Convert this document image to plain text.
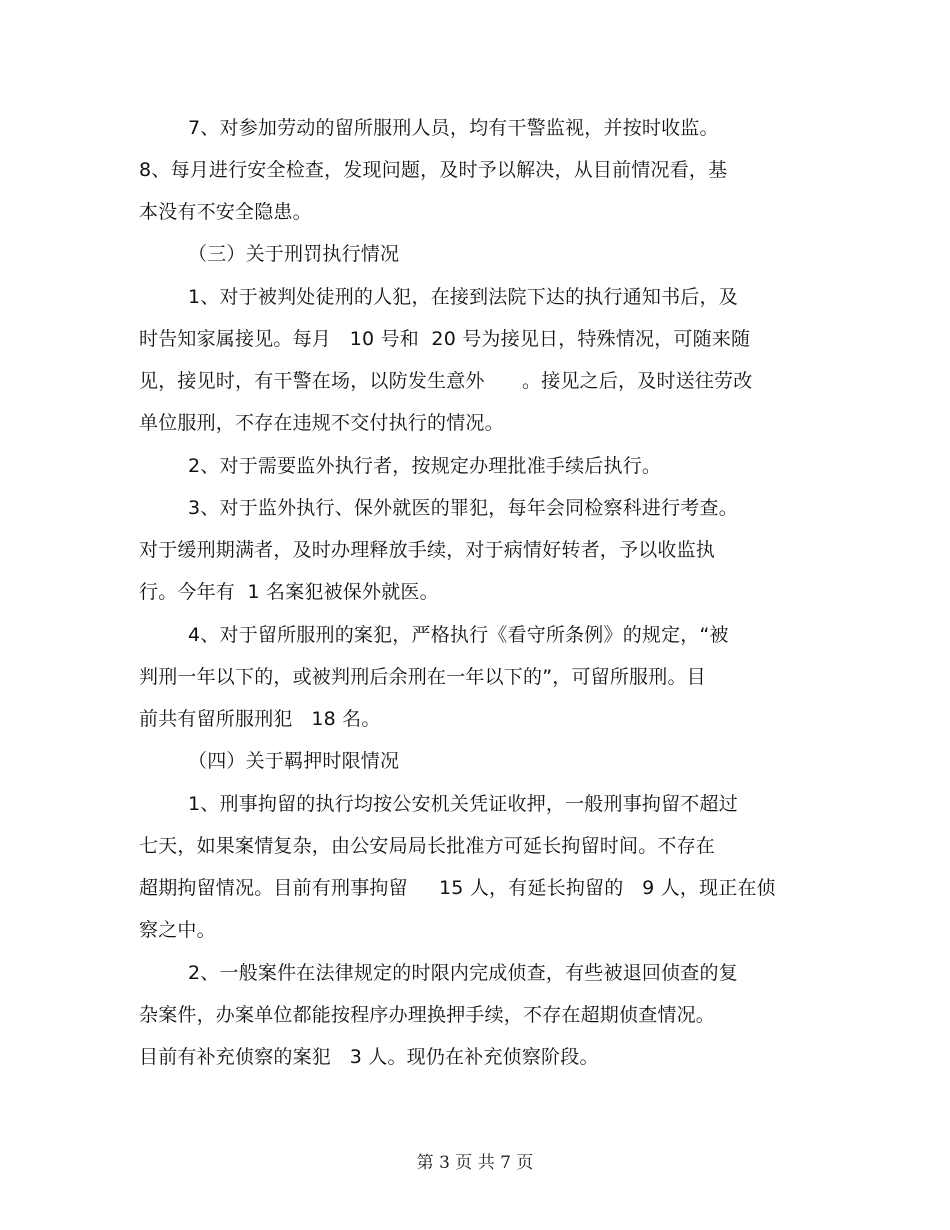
7、对参加劳动的留所服刑人员，均有干警监视，并按时收监。
8、每月进行安全检查，发现问题，及时予以解决，从目前情况看，基
本没有不安全隐患。
（三）关于刑罚执行情况
1、对于被判处徒刑的人犯，在接到法院下达的执行通知书后，及
时告知家属接见。每月   10 号和  20 号为接见日，特殊情况，可随来随
见，接见时，有干警在场，以防发生意外      。接见之后，及时送往劳改
单位服刑，不存在违规不交付执行的情况。
2、对于需要监外执行者，按规定办理批准手续后执行。
3、对于监外执行、保外就医的罪犯，每年会同检察科进行考查。
对于缓刑期满者，及时办理释放手续，对于病情好转者，予以收监执
行。今年有  1 名案犯被保外就医。
4、对于留所服刑的案犯，严格执行《看守所条例》的规定，“被
判刑一年以下的，或被判刑后余刑在一年以下的”，可留所服刑。目
前共有留所服刑犯   18 名。
（四）关于羁押时限情况
1、刑事拘留的执行均按公安机关凭证收押，一般刑事拘留不超过
七天，如果案情复杂，由公安局局长批准方可延长拘留时间。不存在
超期拘留情况。目前有刑事拘留     15 人，有延长拘留的   9 人，现正在侦
察之中。
2、一般案件在法律规定的时限内完成侦查，有些被退回侦查的复
杂案件，办案单位都能按程序办理换押手续，不存在超期侦查情况。
目前有补充侦察的案犯   3 人。现仍在补充侦察阶段。
第 3 页 共 7 页
